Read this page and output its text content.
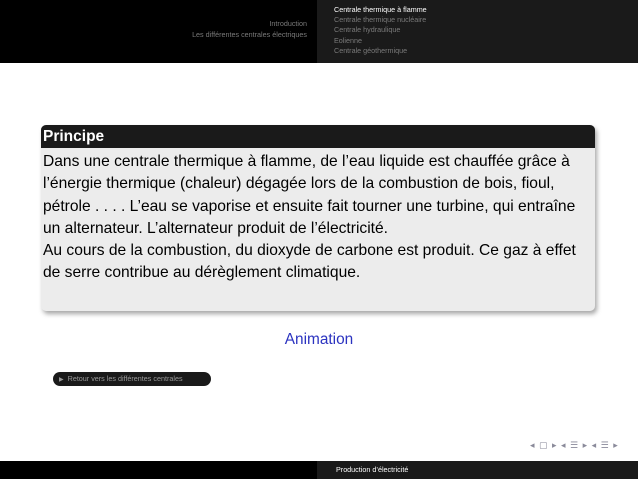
Introduction
Les différentes centrales électriques
Centrale thermique à flamme
Centrale thermique nucléaire
Centrale hydraulique
Eolienne
Centrale géothermique
Principe

Dans une centrale thermique à flamme, de l’eau liquide est chauffée grâce à l’énergie thermique (chaleur) dégagée lors de la combustion de bois, fioul, pétrole . . . . L’eau se vaporise et ensuite fait tourner une turbine, qui entraîne un alternateur. L’alternateur produit de l’électricité.

Au cours de la combustion, du dioxyde de carbone est produit. Ce gaz à effet de serre contribue au dérèglement climatique.

Animation
▶ Retour vers les différentes centrales
◂ ▢ ▸ ◂ ☰ ▸ ◂ ☰ ▸
Production d’électricité
